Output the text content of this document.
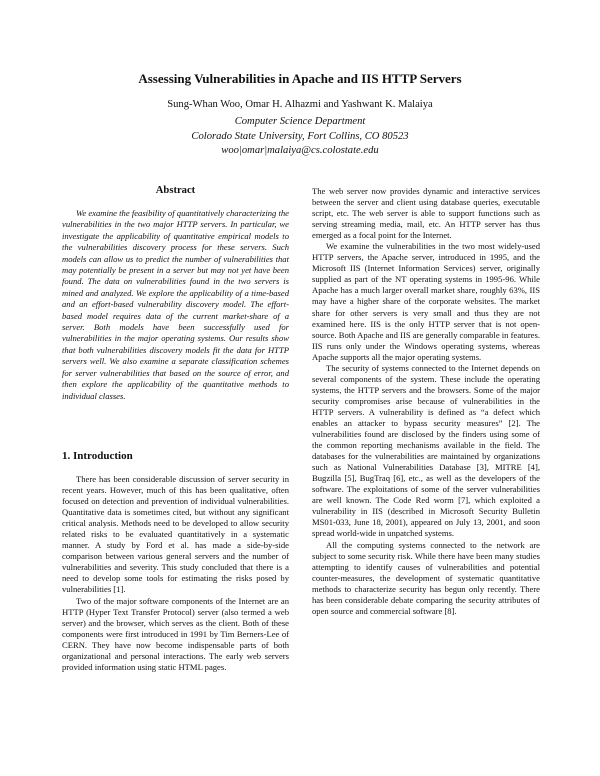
Assessing Vulnerabilities in Apache and IIS HTTP Servers

Sung-Whan Woo, Omar H. Alhazmi and Yashwant K. Malaiya

Computer Science Department

Colorado State University, Fort Collins, CO 80523

woo|omar|malaiya@cs.colostate.edu

Abstract

We examine the feasibility of quantitatively characterizing the vulnerabilities in the two major HTTP servers. In particular, we investigate the applicability of quantitative empirical models to the vulnerabilities discovery process for these servers. Such models can allow us to predict the number of vulnerabilities that may potentially be present in a server but may not yet have been found. The data on vulnerabilities found in the two servers is mined and analyzed. We explore the applicability of a time-based and an effort-based vulnerability discovery model. The effort-based model requires data of the current market-share of a server. Both models have been successfully used for vulnerabilities in the major operating systems. Our results show that both vulnerabilities discovery models fit the data for HTTP servers well. We also examine a separate classification schemes for server vulnerabilities that based on the source of error, and then explore the applicability of the quantitative methods to individual classes.

1. Introduction

There has been considerable discussion of server security in recent years. However, much of this has been qualitative, often focused on detection and prevention of individual vulnerabilities. Quantitative data is sometimes cited, but without any significant critical analysis. Methods need to be developed to allow security related risks to be evaluated quantitatively in a systematic manner. A study by Ford et al. has made a side-by-side comparison between various general servers and the number of vulnerabilities and severity. This study concluded that there is a need to develop some tools for estimating the risks posed by vulnerabilities [1].

Two of the major software components of the Internet are an HTTP (Hyper Text Transfer Protocol) server (also termed a web server) and the browser, which serves as the client. Both of these components were first introduced in 1991 by Tim Berners-Lee of CERN. They have now become indispensable parts of both organizational and personal interactions. The early web servers provided information using static HTML pages.

The web server now provides dynamic and interactive services between the server and client using database queries, executable script, etc. The web server is able to support functions such as serving streaming media, mail, etc. An HTTP server has thus emerged as a focal point for the Internet.

We examine the vulnerabilities in the two most widely-used HTTP servers, the Apache server, introduced in 1995, and the Microsoft IIS (Internet Information Services) server, originally supplied as part of the NT operating systems in 1995-96. While Apache has a much larger overall market share, roughly 63%, IIS may have a higher share of the corporate websites. The market share for other servers is very small and thus they are not examined here. IIS is the only HTTP server that is not open-source. Both Apache and IIS are generally comparable in features. IIS runs only under the Windows operating systems, whereas Apache supports all the major operating systems.

The security of systems connected to the Internet depends on several components of the system. These include the operating systems, the HTTP servers and the browsers. Some of the major security compromises arise because of vulnerabilities in the HTTP servers. A vulnerability is defined as “a defect which enables an attacker to bypass security measures” [2]. The vulnerabilities found are disclosed by the finders using some of the common reporting mechanisms available in the field. The databases for the vulnerabilities are maintained by organizations such as National Vulnerabilities Database [3], MITRE [4], Bugzilla [5], BugTraq [6], etc., as well as the developers of the software. The exploitations of some of the server vulnerabilities are well known. The Code Red worm [7], which exploited a vulnerability in IIS (described in Microsoft Security Bulletin MS01-033, June 18, 2001), appeared on July 13, 2001, and soon spread world-wide in unpatched systems.

All the computing systems connected to the network are subject to some security risk. While there have been many studies attempting to identify causes of vulnerabilities and potential counter-measures, the development of systematic quantitative methods to characterize security has begun only recently. There has been considerable debate comparing the security attributes of open source and commercial software [8].
